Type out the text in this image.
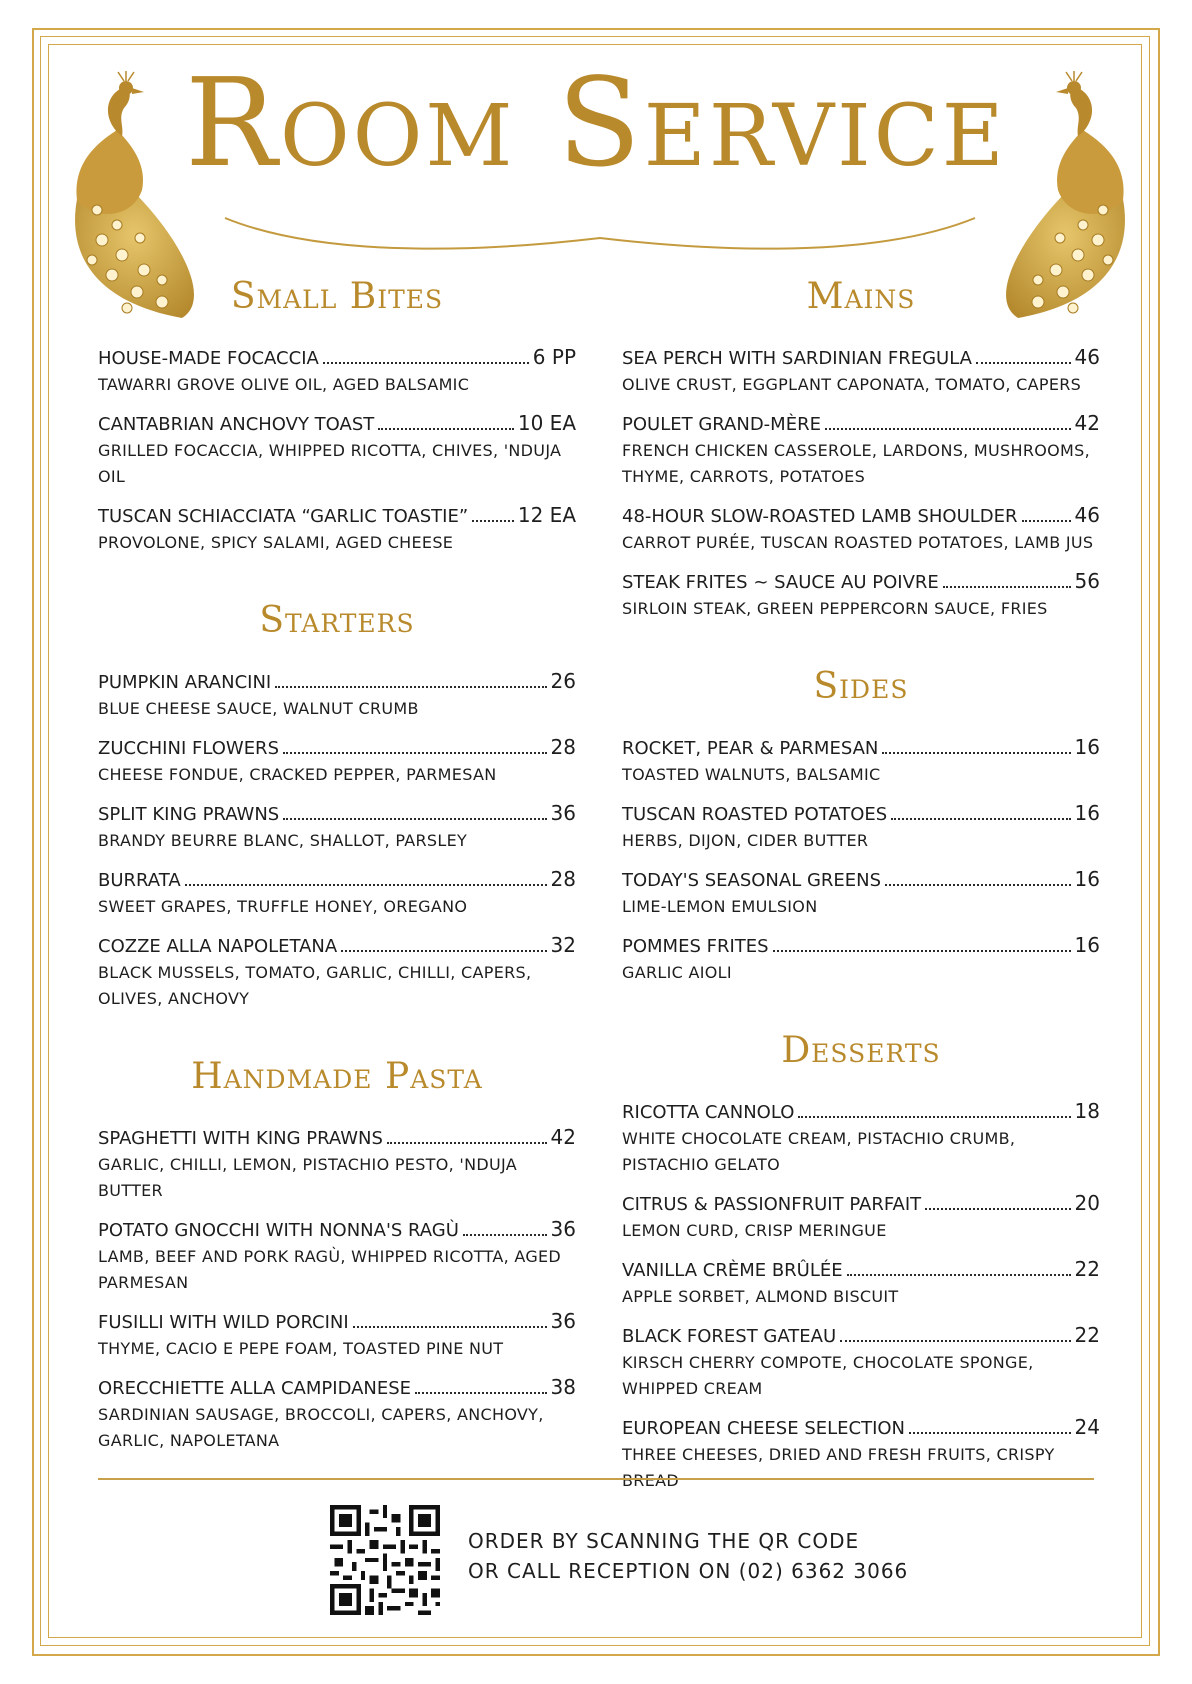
Room Service
Small Bites
HOUSE-MADE FOCACCIA	6 PP
TAWARRI GROVE OLIVE OIL, AGED BALSAMIC
CANTABRIAN ANCHOVY TOAST	10 EA
GRILLED FOCACCIA, WHIPPED RICOTTA, CHIVES, 'NDUJA OIL
TUSCAN SCHIACCIATA “GARLIC TOASTIE” 12 EA
PROVOLONE, SPICY SALAMI, AGED CHEESE
Starters
PUMPKIN ARANCINI	26
BLUE CHEESE SAUCE, WALNUT CRUMB
ZUCCHINI FLOWERS	28
CHEESE FONDUE, CRACKED PEPPER, PARMESAN
SPLIT KING PRAWNS	36
BRANDY BEURRE BLANC, SHALLOT, PARSLEY
BURRATA	28
SWEET GRAPES, TRUFFLE HONEY, OREGANO
COZZE ALLA NAPOLETANA	32
BLACK MUSSELS, TOMATO, GARLIC, CHILLI, CAPERS, OLIVES, ANCHOVY
Handmade Pasta
SPAGHETTI WITH KING PRAWNS	42
GARLIC, CHILLI, LEMON, PISTACHIO PESTO, 'NDUJA BUTTER
POTATO GNOCCHI WITH NONNA'S RAGÙ	36
LAMB, BEEF AND PORK RAGÙ, WHIPPED RICOTTA, AGED PARMESAN
FUSILLI WITH WILD PORCINI	36
THYME, CACIO E PEPE FOAM, TOASTED PINE NUT
ORECCHIETTE ALLA CAMPIDANESE	38
SARDINIAN SAUSAGE, BROCCOLI, CAPERS, ANCHOVY, GARLIC, NAPOLETANA
Mains
SEA PERCH WITH SARDINIAN FREGULA	46
OLIVE CRUST, EGGPLANT CAPONATA, TOMATO, CAPERS
POULET GRAND-MÈRE	42
FRENCH CHICKEN CASSEROLE, LARDONS, MUSHROOMS, THYME, CARROTS, POTATOES
48-HOUR SLOW-ROASTED LAMB SHOULDER	46
CARROT PURÉE, TUSCAN ROASTED POTATOES, LAMB JUS
STEAK FRITES ~ SAUCE AU POIVRE	56
SIRLOIN STEAK, GREEN PEPPERCORN SAUCE, FRIES
Sides
ROCKET, PEAR & PARMESAN	16
TOASTED WALNUTS, BALSAMIC
TUSCAN ROASTED POTATOES	16
HERBS, DIJON, CIDER BUTTER
TODAY'S SEASONAL GREENS	16
LIME-LEMON EMULSION
POMMES FRITES	16
GARLIC AIOLI
Desserts
RICOTTA CANNOLO	18
WHITE CHOCOLATE CREAM, PISTACHIO CRUMB, PISTACHIO GELATO
CITRUS & PASSIONFRUIT PARFAIT	20
LEMON CURD, CRISP MERINGUE
VANILLA CRÈME BRÛLÉE	22
APPLE SORBET, ALMOND BISCUIT
BLACK FOREST GATEAU	22
KIRSCH CHERRY COMPOTE, CHOCOLATE SPONGE, WHIPPED CREAM
EUROPEAN CHEESE SELECTION	24
THREE CHEESES, DRIED AND FRESH FRUITS, CRISPY BREAD
ORDER BY SCANNING THE QR CODE
OR CALL RECEPTION ON (02) 6362 3066
